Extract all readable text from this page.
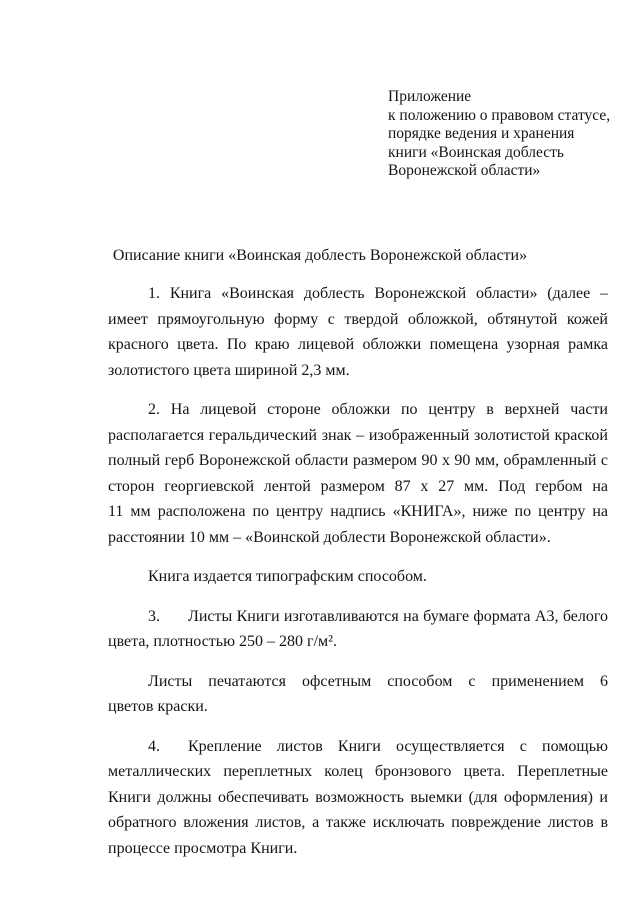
Приложение
к положению о правовом статусе,
порядке ведения и хранения
книги «Воинская доблесть
Воронежской области»
Описание книги «Воинская доблесть Воронежской области»
1. Книга «Воинская доблесть Воронежской области» (далее –
имеет прямоугольную форму с твердой обложкой, обтянутой кожей
красного цвета. По краю лицевой обложки помещена узорная рамка
золотистого цвета шириной 2,3 мм.
2. На лицевой стороне обложки по центру в верхней части
располагается геральдический знак – изображенный золотистой краской
полный герб Воронежской области размером 90 х 90 мм, обрамленный с
сторон георгиевской лентой размером 87 х 27 мм. Под гербом на
11 мм расположена по центру надпись «КНИГА», ниже по центру на
расстоянии 10 мм – «Воинской доблести Воронежской области».
Книга издается типографским способом.
3. Листы Книги изготавливаются на бумаге формата А3, белого
цвета, плотностью 250 – 280 г/м².
Листы печатаются офсетным способом с применением 6
цветов краски.
4. Крепление листов Книги осуществляется с помощью
металлических переплетных колец бронзового цвета. Переплетные
Книги должны обеспечивать возможность выемки (для оформления) и
обратного вложения листов, а также исключать повреждение листов в
процессе просмотра Книги.
